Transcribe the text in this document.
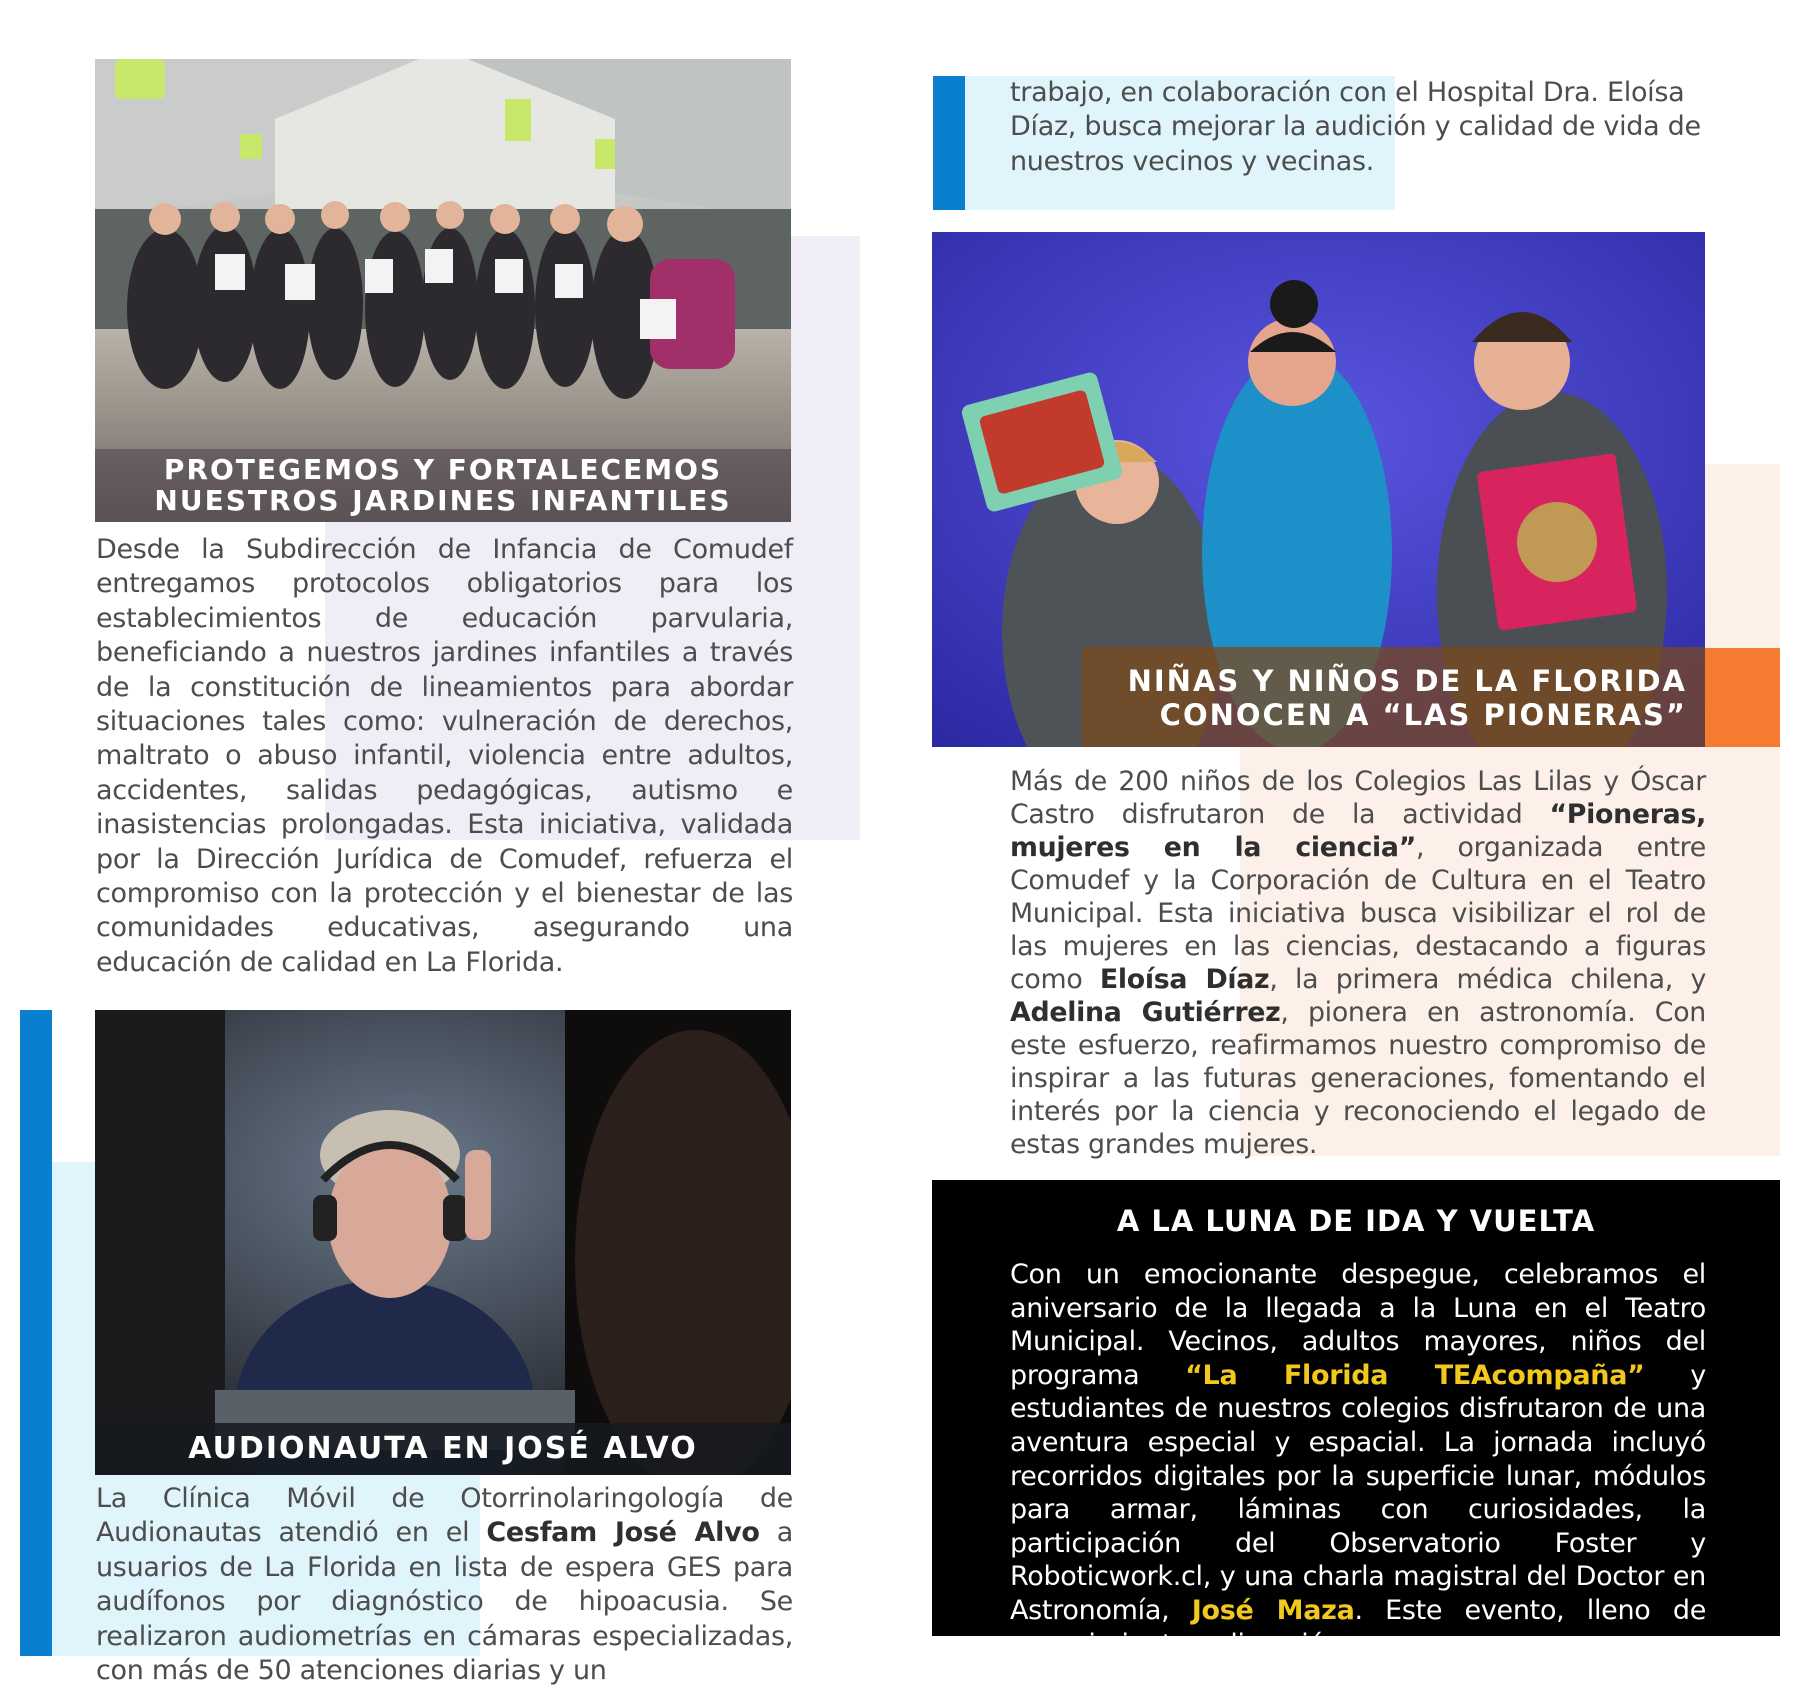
PROTEGEMOS Y FORTALECEMOS
NUESTROS JARDINES INFANTILES
Desde la Subdirección de Infancia de Comudef entregamos protocolos obligatorios para los establecimientos de educación parvularia, beneficiando a nuestros jardines infantiles a través de la constitución de lineamientos para abordar situaciones tales como: vulneración de derechos, maltrato o abuso infantil, violencia entre adultos, accidentes, salidas pedagógicas, autismo e inasistencias prolongadas. Esta iniciativa, validada por la Dirección Jurídica de Comudef, refuerza el compromiso con la protección y el bienestar de las comunidades educativas, asegurando una educación de calidad en La Florida.
AUDIONAUTA EN JOSÉ ALVO
La Clínica Móvil de Otorrinolaringología de Audionautas atendió en el Cesfam José Alvo a usuarios de La Florida en lista de espera GES para audífonos por diagnóstico de hipoacusia. Se realizaron audiometrías en cámaras especializadas, con más de 50 atenciones diarias y un
trabajo, en colaboración con el Hospital Dra. Eloísa Díaz, busca mejorar la audición y calidad de vida de nuestros vecinos y vecinas.
NIÑAS Y NIÑOS DE LA FLORIDA
CONOCEN A “LAS PIONERAS”
Más de 200 niños de los Colegios Las Lilas y Óscar Castro disfrutaron de la actividad “Pioneras, mujeres en la ciencia”, organizada entre Comudef y la Corporación de Cultura en el Teatro Municipal. Esta iniciativa busca visibilizar el rol de las mujeres en las ciencias, destacando a figuras como Eloísa Díaz, la primera médica chilena, y Adelina Gutiérrez, pionera en astronomía. Con este esfuerzo, reafirmamos nuestro compromiso de inspirar a las futuras generaciones, fomentando el interés por la ciencia y reconociendo el legado de estas grandes mujeres.
A LA LUNA DE IDA Y VUELTA
Con un emocionante despegue, celebramos el aniversario de la llegada a la Luna en el Teatro Municipal. Vecinos, adultos mayores, niños del programa “La Florida TEAcompaña” y estudiantes de nuestros colegios disfrutaron de una aventura especial y espacial. La jornada incluyó recorridos digitales por la superficie lunar, módulos para armar, láminas con curiosidades, la participación del Observatorio Foster y Roboticwork.cl, y una charla magistral del Doctor en Astronomía, José Maza. Este evento, lleno de conocimiento y diversión,
